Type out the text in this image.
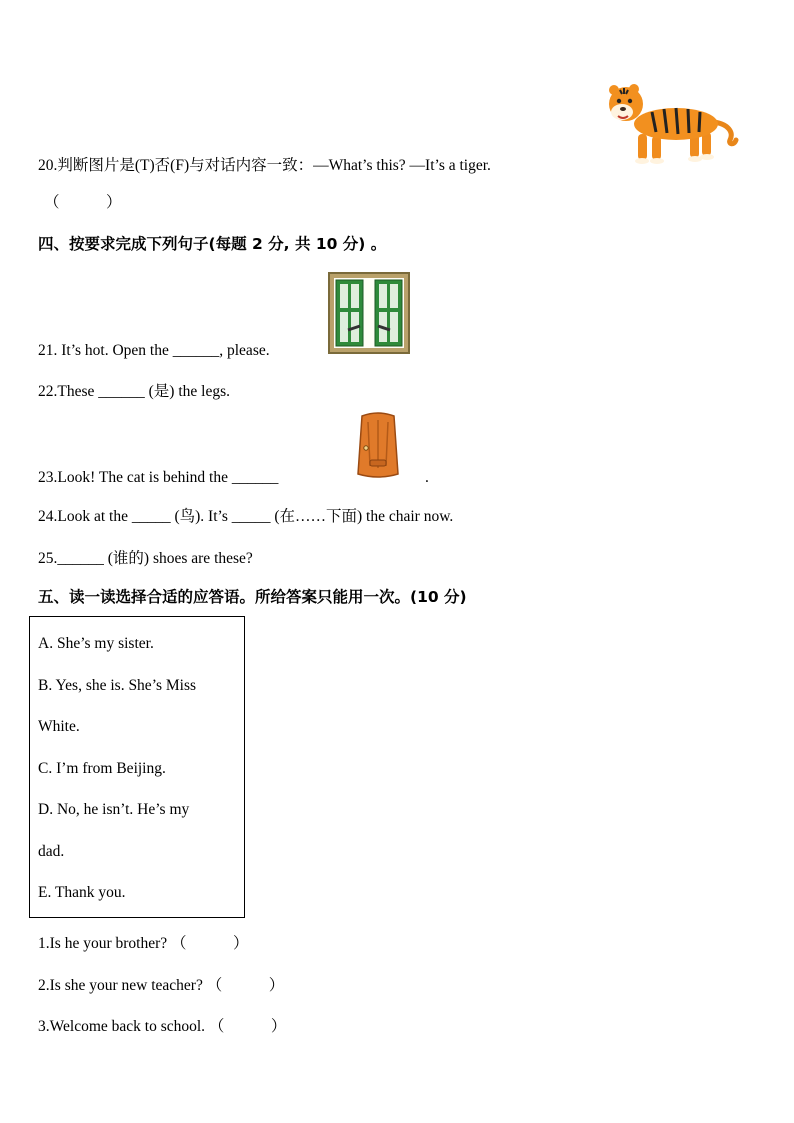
20.判断图片是(T)否(F)与对话内容一致：—What’s this? —It’s a tiger.
（　　　）
四、按要求完成下列句子(每题 2 分, 共 10 分) 。
21. It’s hot. Open the ______, please.
22.These ______ (是) the legs.
23.Look! The cat is behind the ______	.
24.Look at the _____ (鸟). It’s _____ (在……下面) the chair now.
25.______ (谁的) shoes are these?
五、读一读选择合适的应答语。所给答案只能用一次。(10 分)
A. She’s my sister.
B. Yes, she is. She’s Miss
White.
C. I’m from Beijing.
D. No, he isn’t. He’s my
dad.
E. Thank you.
1.Is he your brother? （　　　）
2.Is she your new teacher? （　　　）
3.Welcome back to school. （　　　）
